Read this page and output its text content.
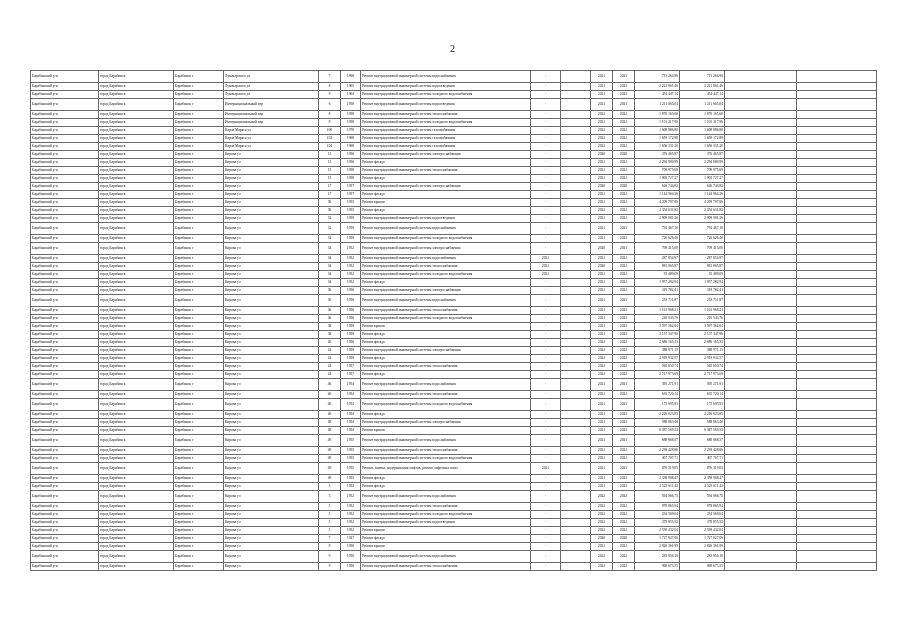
2
Барабинский р-н	город Барабинск	Барабинск г	Луначарского ул	7	1968	Ремонт внутридомовой инженерной системы водоснабжения	-		2021	2021	715 264,96	715 264,96		
Барабинский р-н	город Барабинск	Барабинск г	Луначарского ул	8	1965	Ремонт внутридомовой инженерной системы водоотведения	-		2021	2021	2 221 061,46	2 221 061,46		
Барабинский р-н	город Барабинск	Барабинск г	Луначарского ул	9	1964	Ремонт внутридомовой инженерной системы холодного водоснабжения	-		2021	2021	454 447,14	454 447,14		
Барабинский р-н	город Барабинск	Барабинск г	Интернациональный пер	6	1958	Ремонт внутридомовой инженерной системы водоотведения	-		2021	2021	1 211 665,04	1 211 665,04		
Барабинский р-н	город Барабинск	Барабинск г	Интернациональный пер	8	1958	Ремонт внутридомовой инженерной системы теплоснабжения	-		2022	2022	1 870 165,60	1 870 165,60		
Барабинский р-н	город Барабинск	Барабинск г	Интернациональный пер	9	1958	Ремонт внутридомовой инженерной системы холодного водоснабжения	-		2021	2021	1 101 217,96	1 101 217,96		
Барабинский р-н	город Барабинск	Барабинск г	Карла Маркса ул	100	1970	Ремонт внутридомовой инженерной системы газоснабжения	-		2022	2022	1 608 886,80	1 608 886,80		
Барабинский р-н	город Барабинск	Барабинск г	Карла Маркса ул	102	1968	Ремонт внутридомовой инженерной системы газоснабжения	-		2022	2022	1 659 172,88	1 659 172,88		
Барабинский р-н	город Барабинск	Барабинск г	Карла Маркса ул	104	1968	Ремонт внутридомовой инженерной системы газоснабжения	-		2022	2022	1 656 331,20	1 656 331,20		
Барабинский р-н	город Барабинск	Барабинск г	Кирова ул	13	1956	Ремонт внутридомовой инженерной системы электроснабжения	-		2020	2020	376 465,87	376 465,87		
Барабинский р-н	город Барабинск	Барабинск г	Кирова ул	13	1956	Ремонт фасада	-		2021	2021	2 294 080,99	2 294 080,99		
Барабинский р-н	город Барабинск	Барабинск г	Кирова ул	15	1958	Ремонт внутридомовой инженерной системы теплоснабжения	-		2021	2021	709 975,69	709 975,69		
Барабинский р-н	город Барабинск	Барабинск г	Кирова ул	15	1958	Ремонт фасада	-		2021	2021	1 905 727,27	1 905 727,27		
Барабинский р-н	город Барабинск	Барабинск г	Кирова ул	17	1957	Ремонт внутридомовой инженерной системы электроснабжения	-		2020	2020	626 744,82	626 744,82		
Барабинский р-н	город Барабинск	Барабинск г	Кирова ул	17	1957	Ремонт фасада	-		2021	2021	1 144 964,26	1 144 964,26		
Барабинский р-н	город Барабинск	Барабинск г	Кирова ул	30	1955	Ремонт крыши	-		2021	2021	4 209 797,86	4 209 797,86		
Барабинский р-н	город Барабинск	Барабинск г	Кирова ул	30	1955	Ремонт фасада	-		2022	2022	2 354 631,82	2 354 631,82		
Барабинский р-н	город Барабинск	Барабинск г	Кирова ул	32	1959	Ремонт внутридомовой инженерной системы водоотведения	-		2021	2021	2 909 081,26	2 909 081,26		
Барабинский р-н	город Барабинск	Барабинск г	Кирова ул	32	1959	Ремонт внутридомовой инженерной системы водоснабжения	-		2021	2021	792 467,10	792 467,10		
Барабинский р-н	город Барабинск	Барабинск г	Кирова ул	32	1959	Ремонт внутридомовой инженерной системы холодного водоснабжения	-		2021	2021	726 626,40	726 626,40		
Барабинский р-н	город Барабинск	Барабинск г	Кирова ул	34	1952	Ремонт внутридомовой инженерной системы электроснабжения	-		2020	2021	709 415,00	709 415,00		
Барабинский р-н	город Барабинск	Барабинск г	Кирова ул	34	1952	Ремонт внутридомовой инженерной системы водоснабжения	2021		2021	2021	287 854,97	287 854,97		
Барабинский р-н	город Барабинск	Барабинск г	Кирова ул	34	1952	Ремонт внутридомовой инженерной системы теплоснабжения	2021		2020	2021	981 065,87	981 065,87		
Барабинский р-н	город Барабинск	Барабинск г	Кирова ул	34	1952	Ремонт внутридомовой инженерной системы холодного водоснабжения	2021		2021	2021	35 489,09	35 489,09		
Барабинский р-н	город Барабинск	Барабинск г	Кирова ул	34	1952	Ремонт фасада	-		2021	2021	1 957 282,94	1 957 282,94		
Барабинский р-н	город Барабинск	Барабинск г	Кирова ул	36	1956	Ремонт внутридомовой инженерной системы электроснабжения	-		2021	2021	319 782,41	319 782,41		
Барабинский р-н	город Барабинск	Барабинск г	Кирова ул	36	1956	Ремонт внутридомовой инженерной системы водоснабжения	-		2021	2021	253 711,87	253 711,87		
Барабинский р-н	город Барабинск	Барабинск г	Кирова ул	36	1956	Ремонт внутридомовой инженерной системы теплоснабжения	-		2021	2021	1 161 968,21	1 161 968,21		
Барабинский р-н	город Барабинск	Барабинск г	Кирова ул	36	1956	Ремонт внутридомовой инженерной системы холодного водоснабжения	-		2021	2021	216 543,76	216 543,76		
Барабинский р-н	город Барабинск	Барабинск г	Кирова ул	38	1959	Ремонт крыши	-		2021	2021	3 597 362,64	3 597 362,64		
Барабинский р-н	город Барабинск	Барабинск г	Кирова ул	38	1959	Ремонт фасада	-		2021	2021	2 157 347,96	2 157 347,96		
Барабинский р-н	город Барабинск	Барабинск г	Кирова ул	40	1956	Ремонт фасада	-		2022	2022	2 686 165,33	2 686 165,33		
Барабинский р-н	город Барабинск	Барабинск г	Кирова ул	42	1959	Ремонт внутридомовой инженерной системы электроснабжения	-		2022	2022	388 971,15	388 971,15		
Барабинский р-н	город Барабинск	Барабинск г	Кирова ул	42	1959	Ремонт фасада	-		2022	2022	2 919 932,57	2 919 932,57		
Барабинский р-н	город Барабинск	Барабинск г	Кирова ул	44	1957	Ремонт внутридомовой инженерной системы теплоснабжения	-		2022	2022	565 650,74	565 650,74		
Барабинский р-н	город Барабинск	Барабинск г	Кирова ул	44	1957	Ремонт фасада	-		2022	2022	2 717 973,69	2 717 973,69		
Барабинский р-н	город Барабинск	Барабинск г	Кирова ул	46	1954	Ремонт внутридомовой инженерной системы водоснабжения	-		2021	2021	395 271,91	395 271,91		
Барабинский р-н	город Барабинск	Барабинск г	Кирова ул	46	1954	Ремонт внутридомовой инженерной системы теплоснабжения	-		2021	2021	635 720,14	635 720,14		
Барабинский р-н	город Барабинск	Барабинск г	Кирова ул	46	1954	Ремонт внутридомовой инженерной системы холодного водоснабжения	-		2021	2021	175 695,93	175 695,93		
Барабинский р-н	город Барабинск	Барабинск г	Кирова ул	46	1954	Ремонт фасада	-		2021	2021	2 226 023,85	2 226 023,85		
Барабинский р-н	город Барабинск	Барабинск г	Кирова ул	48	1954	Ремонт внутридомовой инженерной системы электроснабжения	-		2021	2021	588 863,40	588 863,40		
Барабинский р-н	город Барабинск	Барабинск г	Кирова ул	48	1954	Ремонт крыши	-		2021	2021	6 387 569,52	6 387 569,52		
Барабинский р-н	город Барабинск	Барабинск г	Кирова ул	49	1955	Ремонт внутридомовой инженерной системы водоснабжения	-		2021	2021	688 868,57	688 868,57		
Барабинский р-н	город Барабинск	Барабинск г	Кирова ул	49	1955	Ремонт внутридомовой инженерной системы теплоснабжения	-		2021	2021	2 239 428,86	2 239 428,86		
Барабинский р-н	город Барабинск	Барабинск г	Кирова ул	49	1955	Ремонт внутридомовой инженерной системы холодного водоснабжения	-		2021	2021	407 707,71	407 707,71		
Барабинский р-н	город Барабинск	Барабинск г	Кирова ул	49	1955	Ремонт, замена, модернизация лифтов, ремонт лифтовых шахт	2021		2021	2021	876 319,05	876 319,05		
Барабинский р-н	город Барабинск	Барабинск г	Кирова ул	49	1955	Ремонт фасада	-		2021	2021	2 358 908,47	2 358 908,47		
Барабинский р-н	город Барабинск	Барабинск г	Кирова ул	5	1952	Ремонт фасада	-		2021	2021	2 525 611,42	2 525 611,42		
Барабинский р-н	город Барабинск	Барабинск г	Кирова ул	5	1952	Ремонт внутридомовой инженерной системы водоснабжения	-		2022	2022	594 066,75	594 066,75		
Барабинский р-н	город Барабинск	Барабинск г	Кирова ул	5	1952	Ремонт внутридомовой инженерной системы теплоснабжения	-		2022	2022	978 865,94	978 865,94		
Барабинский р-н	город Барабинск	Барабинск г	Кирова ул	5	1952	Ремонт внутридомовой инженерной системы холодного водоснабжения	-		2022	2022	234 569,64	234 569,64		
Барабинский р-н	город Барабинск	Барабинск г	Кирова ул	5	1952	Ремонт внутридомовой инженерной системы водоотведения	-		2022	2022	378 855,52	378 855,52		
Барабинский р-н	город Барабинск	Барабинск г	Кирова ул	5	1952	Ремонт крыши	-		2022	2022	2 539 432,04	2 539 432,04		
Барабинский р-н	город Барабинск	Барабинск г	Кирова ул	7	1947	Ремонт фасада	-		2020	2020	1 727 827,06	1 727 827,06		
Барабинский р-н	город Барабинск	Барабинск г	Кирова ул	9	1950	Ремонт крыши	-		2021	2021	2 826 361,99	2 826 361,99		
Барабинский р-н	город Барабинск	Барабинск г	Кирова ул	9	1950	Ремонт внутридомовой инженерной системы водоснабжения	-		2022	2022	283 856,10	283 856,10		
Барабинский р-н	город Барабинск	Барабинск г	Кирова ул	9	1950	Ремонт внутридомовой инженерной системы теплоснабжения	-		2022	2022	969 673,55	969 673,55		
